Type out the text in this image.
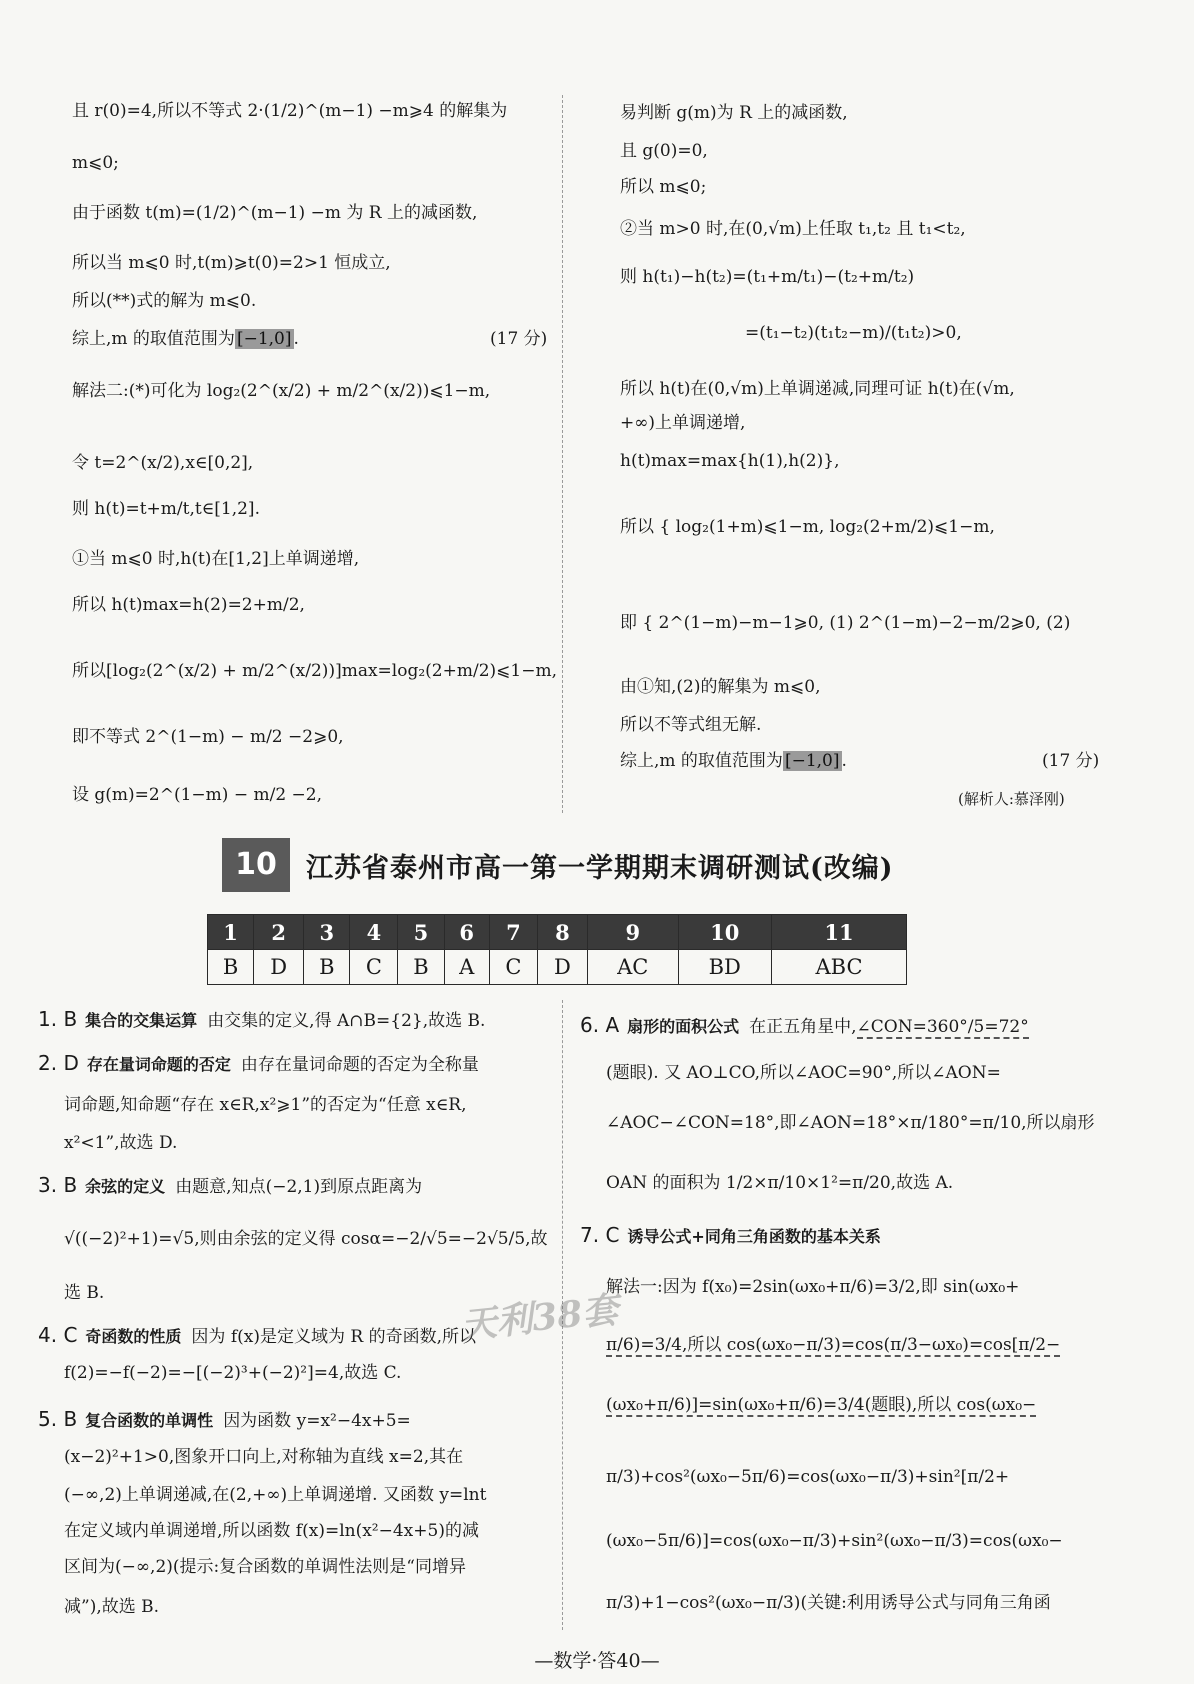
且 r(0)=4,所以不等式 2·(1/2)^(m−1) −m⩾4 的解集为
m⩽0;
由于函数 t(m)=(1/2)^(m−1) −m 为 R 上的减函数,
所以当 m⩽0 时,t(m)⩾t(0)=2>1 恒成立,
所以(**)式的解为 m⩽0.
综上,m 的取值范围为 [−1,0] .	(17 分)
解法二:(*)可化为 log₂(2^(x/2) + m/2^(x/2))⩽1−m,
令 t=2^(x/2),x∈[0,2],
则 h(t)=t+m/t,t∈[1,2].
①当 m⩽0 时,h(t)在[1,2]上单调递增,
所以 h(t)max=h(2)=2+m/2,
所以[log₂(2^(x/2) + m/2^(x/2))]max=log₂(2+m/2)⩽1−m,
即不等式 2^(1−m) − m/2 −2⩾0,
设 g(m)=2^(1−m) − m/2 −2,
易判断 g(m)为 R 上的减函数,
且 g(0)=0,
所以 m⩽0;
②当 m>0 时,在(0,√m)上任取 t₁,t₂ 且 t₁<t₂,
则 h(t₁)−h(t₂)=(t₁+m/t₁)−(t₂+m/t₂)
=(t₁−t₂)(t₁t₂−m)/(t₁t₂)>0,
所以 h(t)在(0,√m)上单调递减,同理可证 h(t)在(√m,
+∞)上单调递增,
h(t)max=max{h(1),h(2)},
所以 { log₂(1+m)⩽1−m, log₂(2+m/2)⩽1−m,
即 { 2^(1−m)−m−1⩾0, (1) 2^(1−m)−2−m/2⩾0, (2)
由①知,(2)的解集为 m⩽0,
所以不等式组无解.
综上,m 的取值范围为 [−1,0] .	(17 分)
(解析人:慕泽刚)
10	江苏省泰州市高一第一学期期末调研测试(改编)
1	2	3	4	5	6	7	8	9	10	11
B	D	B	C	B	A	C	D	AC	BD	ABC
1. B 集合的交集运算 由交集的定义,得 A∩B={2},故选 B.
2. D 存在量词命题的否定 由存在量词命题的否定为全称量
词命题,知命题“存在 x∈R,x²⩾1”的否定为“任意 x∈R,
x²<1”,故选 D.
3. B 余弦的定义 由题意,知点(−2,1)到原点距离为
√((−2)²+1)=√5,则由余弦的定义得 cosα=−2/√5=−2√5/5,故
选 B.
4. C 奇函数的性质 因为 f(x)是定义域为 R 的奇函数,所以
f(2)=−f(−2)=−[(−2)³+(−2)²]=4,故选 C.
5. B 复合函数的单调性 因为函数 y=x²−4x+5=
(x−2)²+1>0,图象开口向上,对称轴为直线 x=2,其在
(−∞,2)上单调递减,在(2,+∞)上单调递增. 又函数 y=lnt
在定义域内单调递增,所以函数 f(x)=ln(x²−4x+5)的减
区间为(−∞,2)(提示:复合函数的单调性法则是“同增异
减”),故选 B.
6. A 扇形的面积公式 在正五角星中,∠CON=360°/5=72°
(题眼). 又 AO⊥CO,所以∠AOC=90°,所以∠AON=
∠AOC−∠CON=18°,即∠AON=18°×π/180°=π/10,所以扇形
OAN 的面积为 1/2×π/10×1²=π/20,故选 A.
7. C 诱导公式+同角三角函数的基本关系
解法一:因为 f(x₀)=2sin(ωx₀+π/6)=3/2,即 sin(ωx₀+
π/6)=3/4,所以 cos(ωx₀−π/3)=cos(π/3−ωx₀)=cos[π/2−
(ωx₀+π/6)]=sin(ωx₀+π/6)=3/4(题眼),所以 cos(ωx₀−
π/3)+cos²(ωx₀−5π/6)=cos(ωx₀−π/3)+sin²[π/2+
(ωx₀−5π/6)]=cos(ωx₀−π/3)+sin²(ωx₀−π/3)=cos(ωx₀−
π/3)+1−cos²(ωx₀−π/3)(关键:利用诱导公式与同角三角函
天利38套
—数学·答40—
